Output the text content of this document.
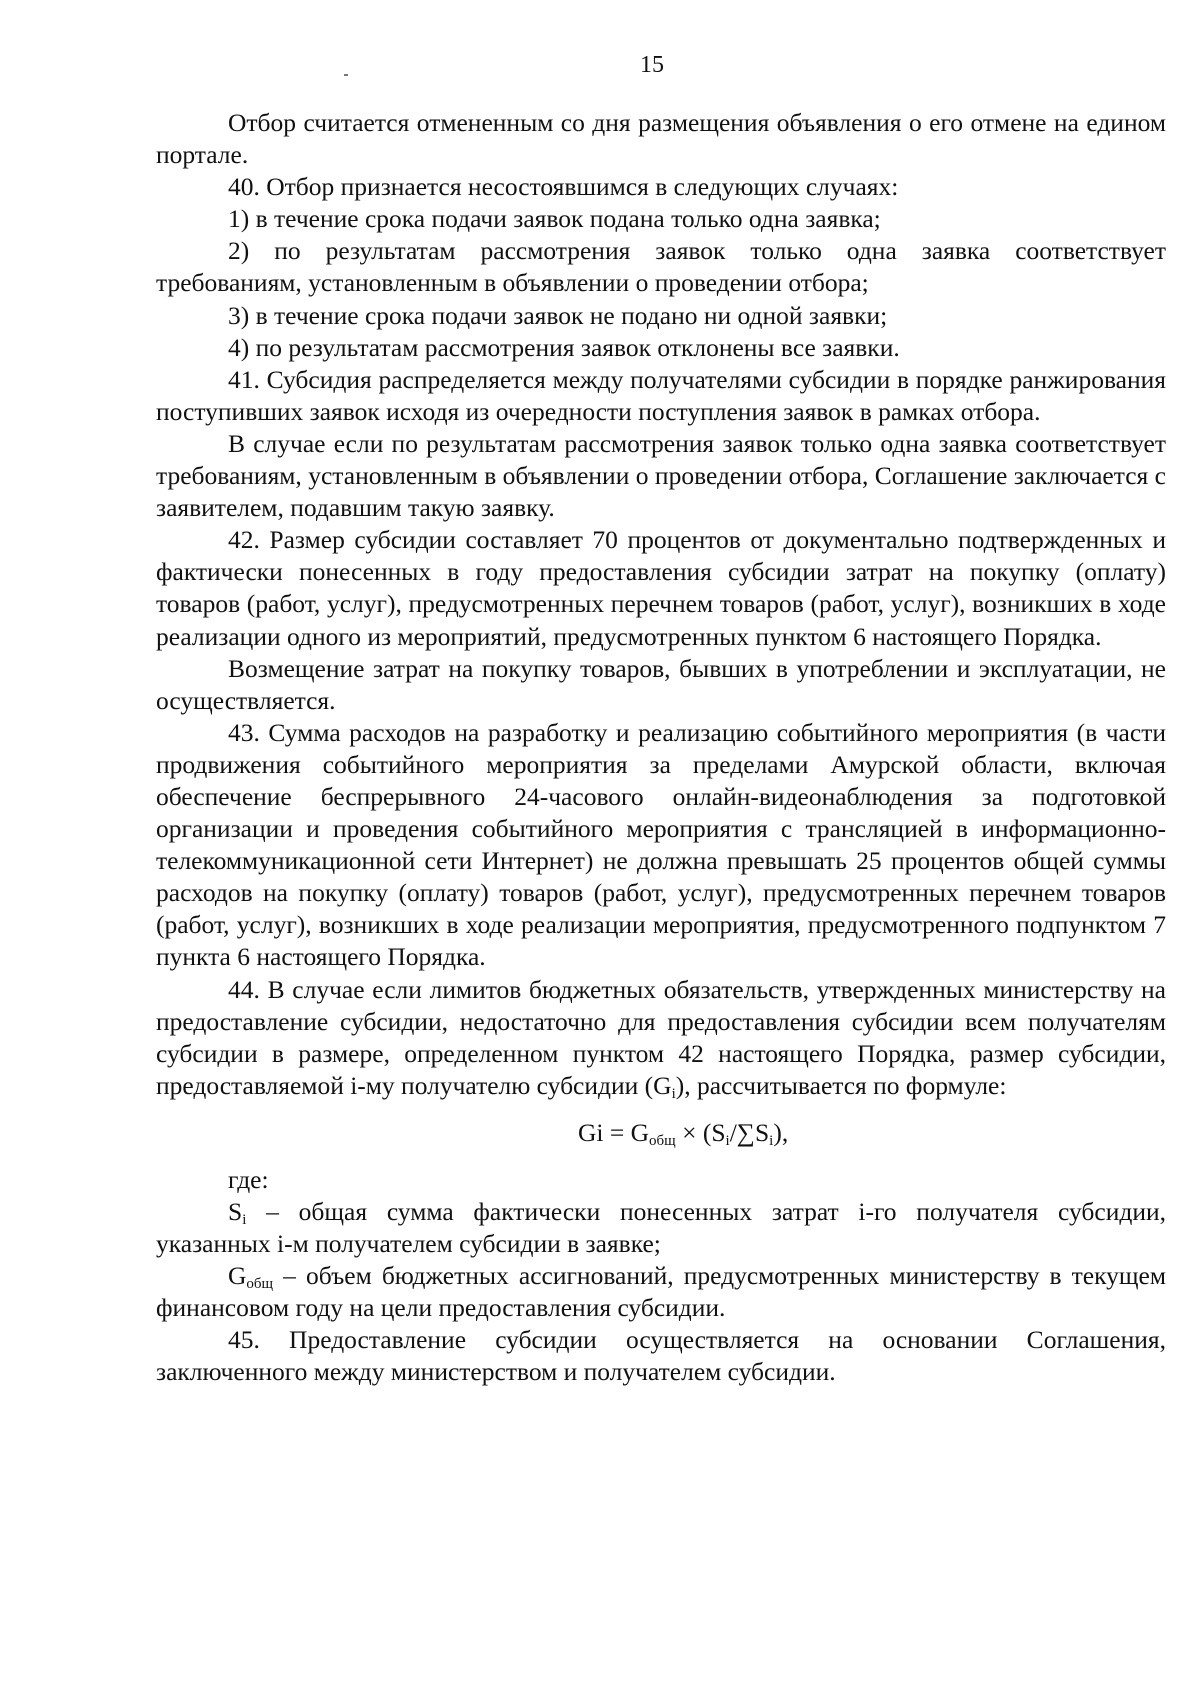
15

Отбор считается отмененным со дня размещения объявления о его отмене на едином портале.

40. Отбор признается несостоявшимся в следующих случаях:

1) в течение срока подачи заявок подана только одна заявка;

2) по результатам рассмотрения заявок только одна заявка соответствует требованиям, установленным в объявлении о проведении отбора;

3) в течение срока подачи заявок не подано ни одной заявки;

4) по результатам рассмотрения заявок отклонены все заявки.

41. Субсидия распределяется между получателями субсидии в порядке ранжирования поступивших заявок исходя из очередности поступления заявок в рамках отбора.

В случае если по результатам рассмотрения заявок только одна заявка соответствует требованиям, установленным в объявлении о проведении отбора, Соглашение заключается с заявителем, подавшим такую заявку.

42. Размер субсидии составляет 70 процентов от документально подтвержденных и фактически понесенных в году предоставления субсидии затрат на покупку (оплату) товаров (работ, услуг), предусмотренных перечнем товаров (работ, услуг), возникших в ходе реализации одного из мероприятий, предусмотренных пунктом 6 настоящего Порядка.

Возмещение затрат на покупку товаров, бывших в употреблении и эксплуатации, не осуществляется.

43. Сумма расходов на разработку и реализацию событийного мероприятия (в части продвижения событийного мероприятия за пределами Амурской области, включая обеспечение беспрерывного 24-часового онлайн-видеонаблюдения за подготовкой организации и проведения событийного мероприятия с трансляцией в информационно-телекоммуникационной сети Интернет) не должна превышать 25 процентов общей суммы расходов на покупку (оплату) товаров (работ, услуг), предусмотренных перечнем товаров (работ, услуг), возникших в ходе реализации мероприятия, предусмотренного подпунктом 7 пункта 6 настоящего Порядка.

44. В случае если лимитов бюджетных обязательств, утвержденных министерству на предоставление субсидии, недостаточно для предоставления субсидии всем получателям субсидии в размере, определенном пунктом 42 настоящего Порядка, размер субсидии, предоставляемой i-му получателю субсидии $(G_i)$, рассчитывается по формуле:

$Gi = G_{общ} \times (S_i/\sum S_i)$,

где:

$S_i$ – общая сумма фактически понесенных затрат i-го получателя субсидии, указанных i-м получателем субсидии в заявке;

$G_{общ}$ – объем бюджетных ассигнований, предусмотренных министерству в текущем финансовом году на цели предоставления субсидии.

45. Предоставление субсидии осуществляется на основании Соглашения, заключенного между министерством и получателем субсидии.
